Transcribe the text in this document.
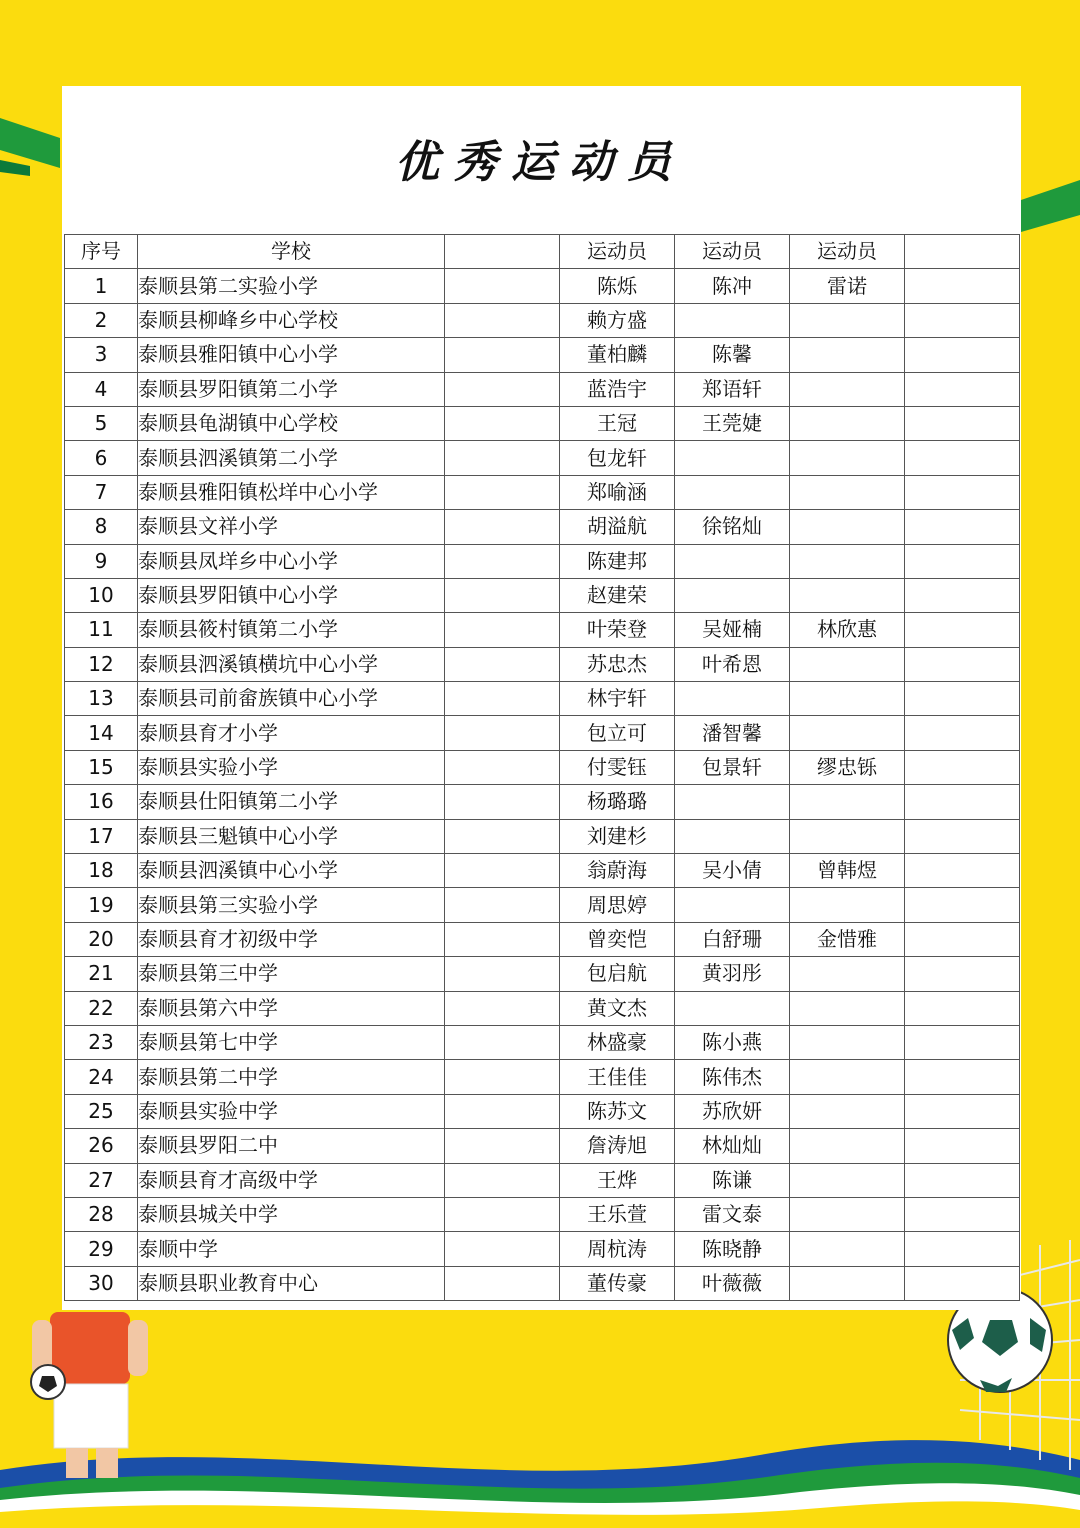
优秀运动员
序号	学校		运动员	运动员	运动员	
1	泰顺县第二实验小学		陈烁	陈冲	雷诺	
2	泰顺县柳峰乡中心学校		赖方盛			
3	泰顺县雅阳镇中心小学		董柏麟	陈馨		
4	泰顺县罗阳镇第二小学		蓝浩宇	郑语轩		
5	泰顺县龟湖镇中心学校		王冠	王莞婕		
6	泰顺县泗溪镇第二小学		包龙轩			
7	泰顺县雅阳镇松垟中心小学		郑喻涵			
8	泰顺县文祥小学		胡溢航	徐铭灿		
9	泰顺县凤垟乡中心小学		陈建邦			
10	泰顺县罗阳镇中心小学		赵建荣			
11	泰顺县筱村镇第二小学		叶荣登	吴娅楠	林欣惠	
12	泰顺县泗溪镇横坑中心小学		苏忠杰	叶希恩		
13	泰顺县司前畲族镇中心小学		林宇轩			
14	泰顺县育才小学		包立可	潘智馨		
15	泰顺县实验小学		付雯钰	包景轩	缪忠铄	
16	泰顺县仕阳镇第二小学		杨璐璐			
17	泰顺县三魁镇中心小学		刘建杉			
18	泰顺县泗溪镇中心小学		翁蔚海	吴小倩	曾韩煜	
19	泰顺县第三实验小学		周思婷			
20	泰顺县育才初级中学		曾奕恺	白舒珊	金惜雅	
21	泰顺县第三中学		包启航	黄羽彤		
22	泰顺县第六中学		黄文杰			
23	泰顺县第七中学		林盛豪	陈小燕		
24	泰顺县第二中学		王佳佳	陈伟杰		
25	泰顺县实验中学		陈苏文	苏欣妍		
26	泰顺县罗阳二中		詹涛旭	林灿灿		
27	泰顺县育才高级中学		王烨	陈谦		
28	泰顺县城关中学		王乐萱	雷文泰		
29	泰顺中学		周杭涛	陈晓静		
30	泰顺县职业教育中心		董传豪	叶薇薇		
